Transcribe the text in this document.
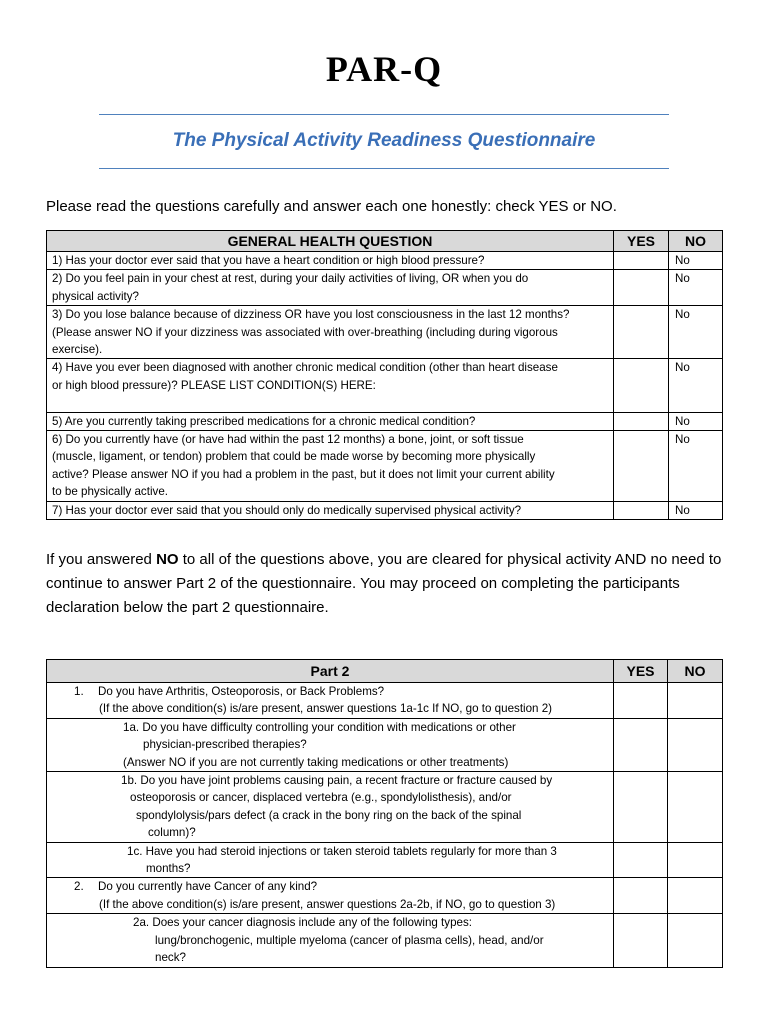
PAR-Q
The Physical Activity Readiness Questionnaire
Please read the questions carefully and answer each one honestly: check YES or NO.
GENERAL HEALTH QUESTION	YES	NO

1) Has your doctor ever said that you have a heart condition or high blood pressure?		No

2) Do you feel pain in your chest at rest, during your daily activities of living, OR when you do
physical activity?		No

3) Do you lose balance because of dizziness OR have you lost consciousness in the last 12 months?
(Please answer NO if your dizziness was associated with over-breathing (including during vigorous
exercise).		No

4) Have you ever been diagnosed with another chronic medical condition (other than heart disease
or high blood pressure)? PLEASE LIST CONDITION(S) HERE:		No

5) Are you currently taking prescribed medications for a chronic medical condition?		No

6) Do you currently have (or have had within the past 12 months) a bone, joint, or soft tissue
(muscle, ligament, or tendon) problem that could be made worse by becoming more physically
active? Please answer NO if you had a problem in the past, but it does not limit your current ability
to be physically active.		No

7) Has your doctor ever said that you should only do medically supervised physical activity?		No
If you answered NO to all of the questions above, you are cleared for physical activity AND no need to continue to answer Part 2 of the questionnaire. You may proceed on completing the participants declaration below the part 2 questionnaire.
Part 2	YES	NO

1. Do you have Arthritis, Osteoporosis, or Back Problems?
(If the above condition(s) is/are present, answer questions 1a-1c If NO, go to question 2)		

1a. Do you have difficulty controlling your condition with medications or other
physician-prescribed therapies?
(Answer NO if you are not currently taking medications or other treatments)		

1b. Do you have joint problems causing pain, a recent fracture or fracture caused by
osteoporosis or cancer, displaced vertebra (e.g., spondylolisthesis), and/or
spondylolysis/pars defect (a crack in the bony ring on the back of the spinal
column)?		

1c. Have you had steroid injections or taken steroid tablets regularly for more than 3
months?		

2. Do you currently have Cancer of any kind?
(If the above condition(s) is/are present, answer questions 2a-2b, if NO, go to question 3)		

2a. Does your cancer diagnosis include any of the following types:
lung/bronchogenic, multiple myeloma (cancer of plasma cells), head, and/or
neck?		
